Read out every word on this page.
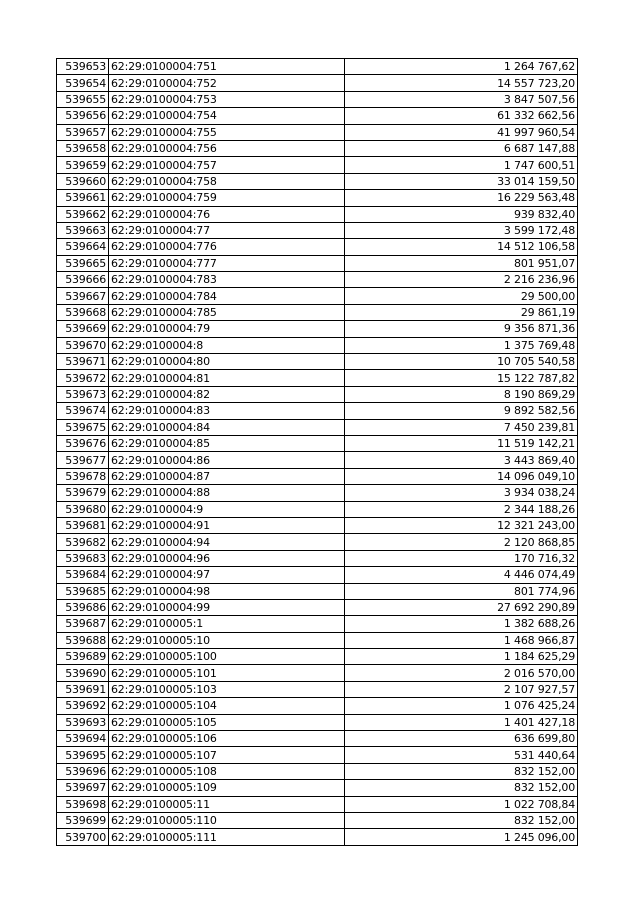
539653	62:29:0100004:751	1 264 767,62
539654	62:29:0100004:752	14 557 723,20
539655	62:29:0100004:753	3 847 507,56
539656	62:29:0100004:754	61 332 662,56
539657	62:29:0100004:755	41 997 960,54
539658	62:29:0100004:756	6 687 147,88
539659	62:29:0100004:757	1 747 600,51
539660	62:29:0100004:758	33 014 159,50
539661	62:29:0100004:759	16 229 563,48
539662	62:29:0100004:76	939 832,40
539663	62:29:0100004:77	3 599 172,48
539664	62:29:0100004:776	14 512 106,58
539665	62:29:0100004:777	801 951,07
539666	62:29:0100004:783	2 216 236,96
539667	62:29:0100004:784	29 500,00
539668	62:29:0100004:785	29 861,19
539669	62:29:0100004:79	9 356 871,36
539670	62:29:0100004:8	1 375 769,48
539671	62:29:0100004:80	10 705 540,58
539672	62:29:0100004:81	15 122 787,82
539673	62:29:0100004:82	8 190 869,29
539674	62:29:0100004:83	9 892 582,56
539675	62:29:0100004:84	7 450 239,81
539676	62:29:0100004:85	11 519 142,21
539677	62:29:0100004:86	3 443 869,40
539678	62:29:0100004:87	14 096 049,10
539679	62:29:0100004:88	3 934 038,24
539680	62:29:0100004:9	2 344 188,26
539681	62:29:0100004:91	12 321 243,00
539682	62:29:0100004:94	2 120 868,85
539683	62:29:0100004:96	170 716,32
539684	62:29:0100004:97	4 446 074,49
539685	62:29:0100004:98	801 774,96
539686	62:29:0100004:99	27 692 290,89
539687	62:29:0100005:1	1 382 688,26
539688	62:29:0100005:10	1 468 966,87
539689	62:29:0100005:100	1 184 625,29
539690	62:29:0100005:101	2 016 570,00
539691	62:29:0100005:103	2 107 927,57
539692	62:29:0100005:104	1 076 425,24
539693	62:29:0100005:105	1 401 427,18
539694	62:29:0100005:106	636 699,80
539695	62:29:0100005:107	531 440,64
539696	62:29:0100005:108	832 152,00
539697	62:29:0100005:109	832 152,00
539698	62:29:0100005:11	1 022 708,84
539699	62:29:0100005:110	832 152,00
539700	62:29:0100005:111	1 245 096,00
